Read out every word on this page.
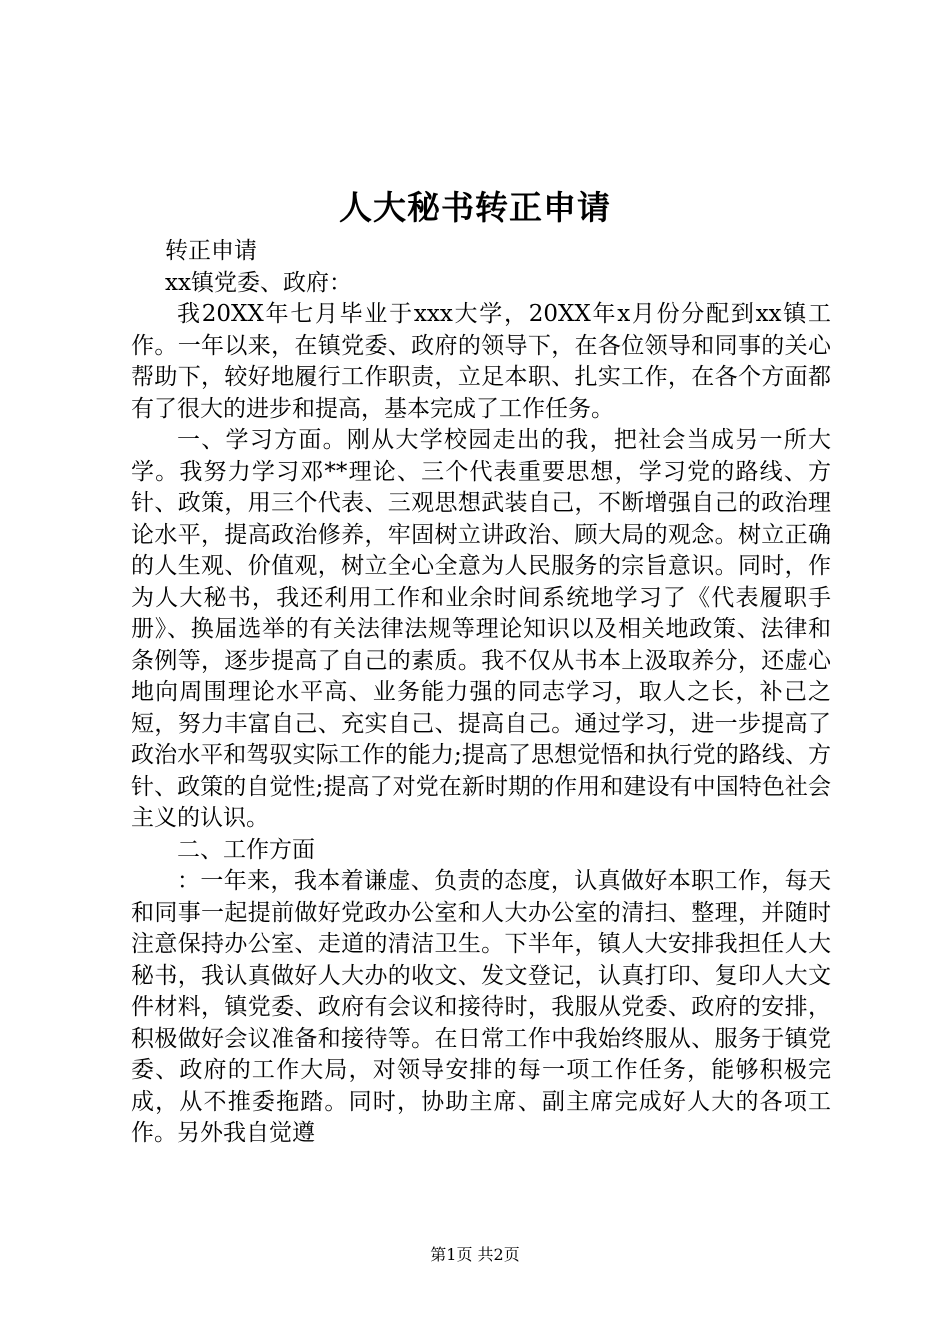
人大秘书转正申请

转正申请

xx镇党委、政府：

我20XX年七月毕业于xxx大学，20XX年x月份分配到xx镇工作。一年以来，在镇党委、政府的领导下，在各位领导和同事的关心帮助下，较好地履行工作职责，立足本职、扎实工作，在各个方面都有了很大的进步和提高，基本完成了工作任务。

一、学习方面。刚从大学校园走出的我，把社会当成另一所大学。我努力学习邓**理论、三个代表重要思想，学习党的路线、方针、政策，用三个代表、三观思想武装自己，不断增强自己的政治理论水平，提高政治修养，牢固树立讲政治、顾大局的观念。树立正确的人生观、价值观，树立全心全意为人民服务的宗旨意识。同时，作为人大秘书，我还利用工作和业余时间系统地学习了《代表履职手册》、换届选举的有关法律法规等理论知识以及相关地政策、法律和条例等，逐步提高了自己的素质。我不仅从书本上汲取养分，还虚心地向周围理论水平高、业务能力强的同志学习，取人之长，补己之短，努力丰富自己、充实自己、提高自己。通过学习，进一步提高了政治水平和驾驭实际工作的能力;提高了思想觉悟和执行党的路线、方针、政策的自觉性;提高了对党在新时期的作用和建设有中国特色社会主义的认识。

二、工作方面

：一年来，我本着谦虚、负责的态度，认真做好本职工作，每天和同事一起提前做好党政办公室和人大办公室的清扫、整理，并随时注意保持办公室、走道的清洁卫生。下半年，镇人大安排我担任人大秘书，我认真做好人大办的收文、发文登记，认真打印、复印人大文件材料，镇党委、政府有会议和接待时，我服从党委、政府的安排，积极做好会议准备和接待等。在日常工作中我始终服从、服务于镇党委、政府的工作大局，对领导安排的每一项工作任务，能够积极完成，从不推委拖踏。同时，协助主席、副主席完成好人大的各项工作。另外我自觉遵

第1页 共2页
